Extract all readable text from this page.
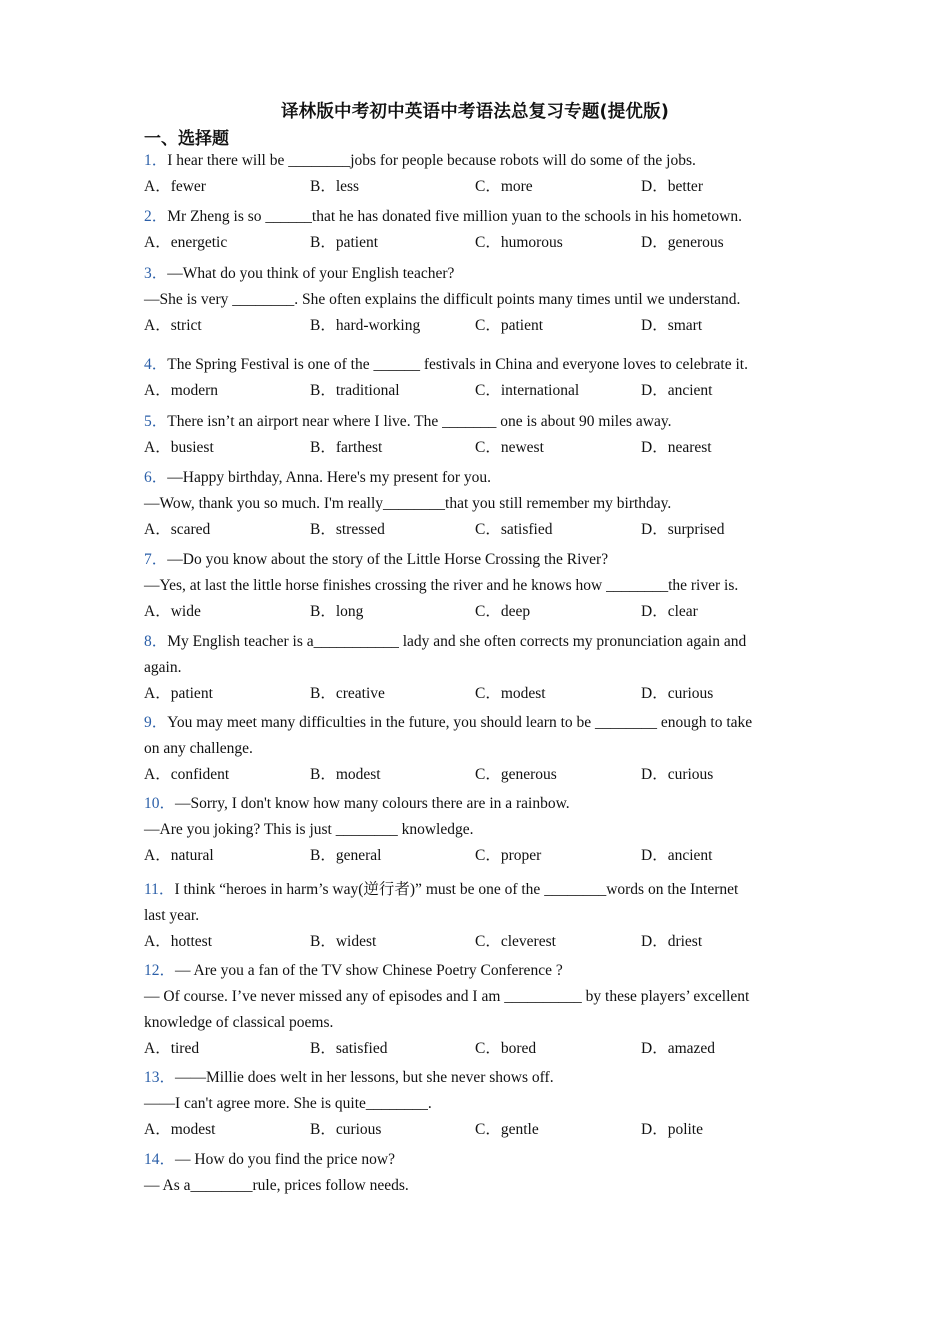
译林版中考初中英语中考语法总复习专题(提优版)
一、选择题
1．I hear there will be ________jobs for people because robots will do some of the jobs.
A．fewer	B．less	C．more	D．better
2．Mr Zheng is so ______that he has donated five million yuan to the schools in his hometown.
A．energetic	B．patient	C．humorous	D．generous
3．—What do you think of your English teacher?
—She is very ________. She often explains the difficult points many times until we understand.
A．strict	B．hard-working	C．patient	D．smart
4．The Spring Festival is one of the ______ festivals in China and everyone loves to celebrate it.
A．modern	B．traditional	C．international	D．ancient
5．There isn’t an airport near where I live. The _______ one is about 90 miles away.
A．busiest	B．farthest	C．newest	D．nearest
6．—Happy birthday, Anna. Here's my present for you.
—Wow, thank you so much. I'm really________that you still remember my birthday.
A．scared	B．stressed	C．satisfied	D．surprised
7．—Do you know about the story of the Little Horse Crossing the River?
—Yes, at last the little horse finishes crossing the river and he knows how ________the river is.
A．wide	B．long	C．deep	D．clear
8．My English teacher is a___________ lady and she often corrects my pronunciation again and
again.
A．patient	B．creative	C．modest	D．curious
9．You may meet many difficulties in the future, you should learn to be ________ enough to take
on any challenge.
A．confident	B．modest	C．generous	D．curious
10．—Sorry, I don't know how many colours there are in a rainbow.
—Are you joking? This is just ________ knowledge.
A．natural	B．general	C．proper	D．ancient
11．I think “heroes in harm’s way(逆行者)” must be one of the ________words on the Internet
last year.
A．hottest	B．widest	C．cleverest	D．driest
12．— Are you a fan of the TV show Chinese Poetry Conference ?
— Of course. I’ve never missed any of episodes and I am __________ by these players’ excellent
knowledge of classical poems.
A．tired	B．satisfied	C．bored	D．amazed
13．——Millie does welt in her lessons, but she never shows off.
——I can't agree more. She is quite________.
A．modest	B．curious	C．gentle	D．polite
14．— How do you find the price now?
— As a________rule, prices follow needs.
